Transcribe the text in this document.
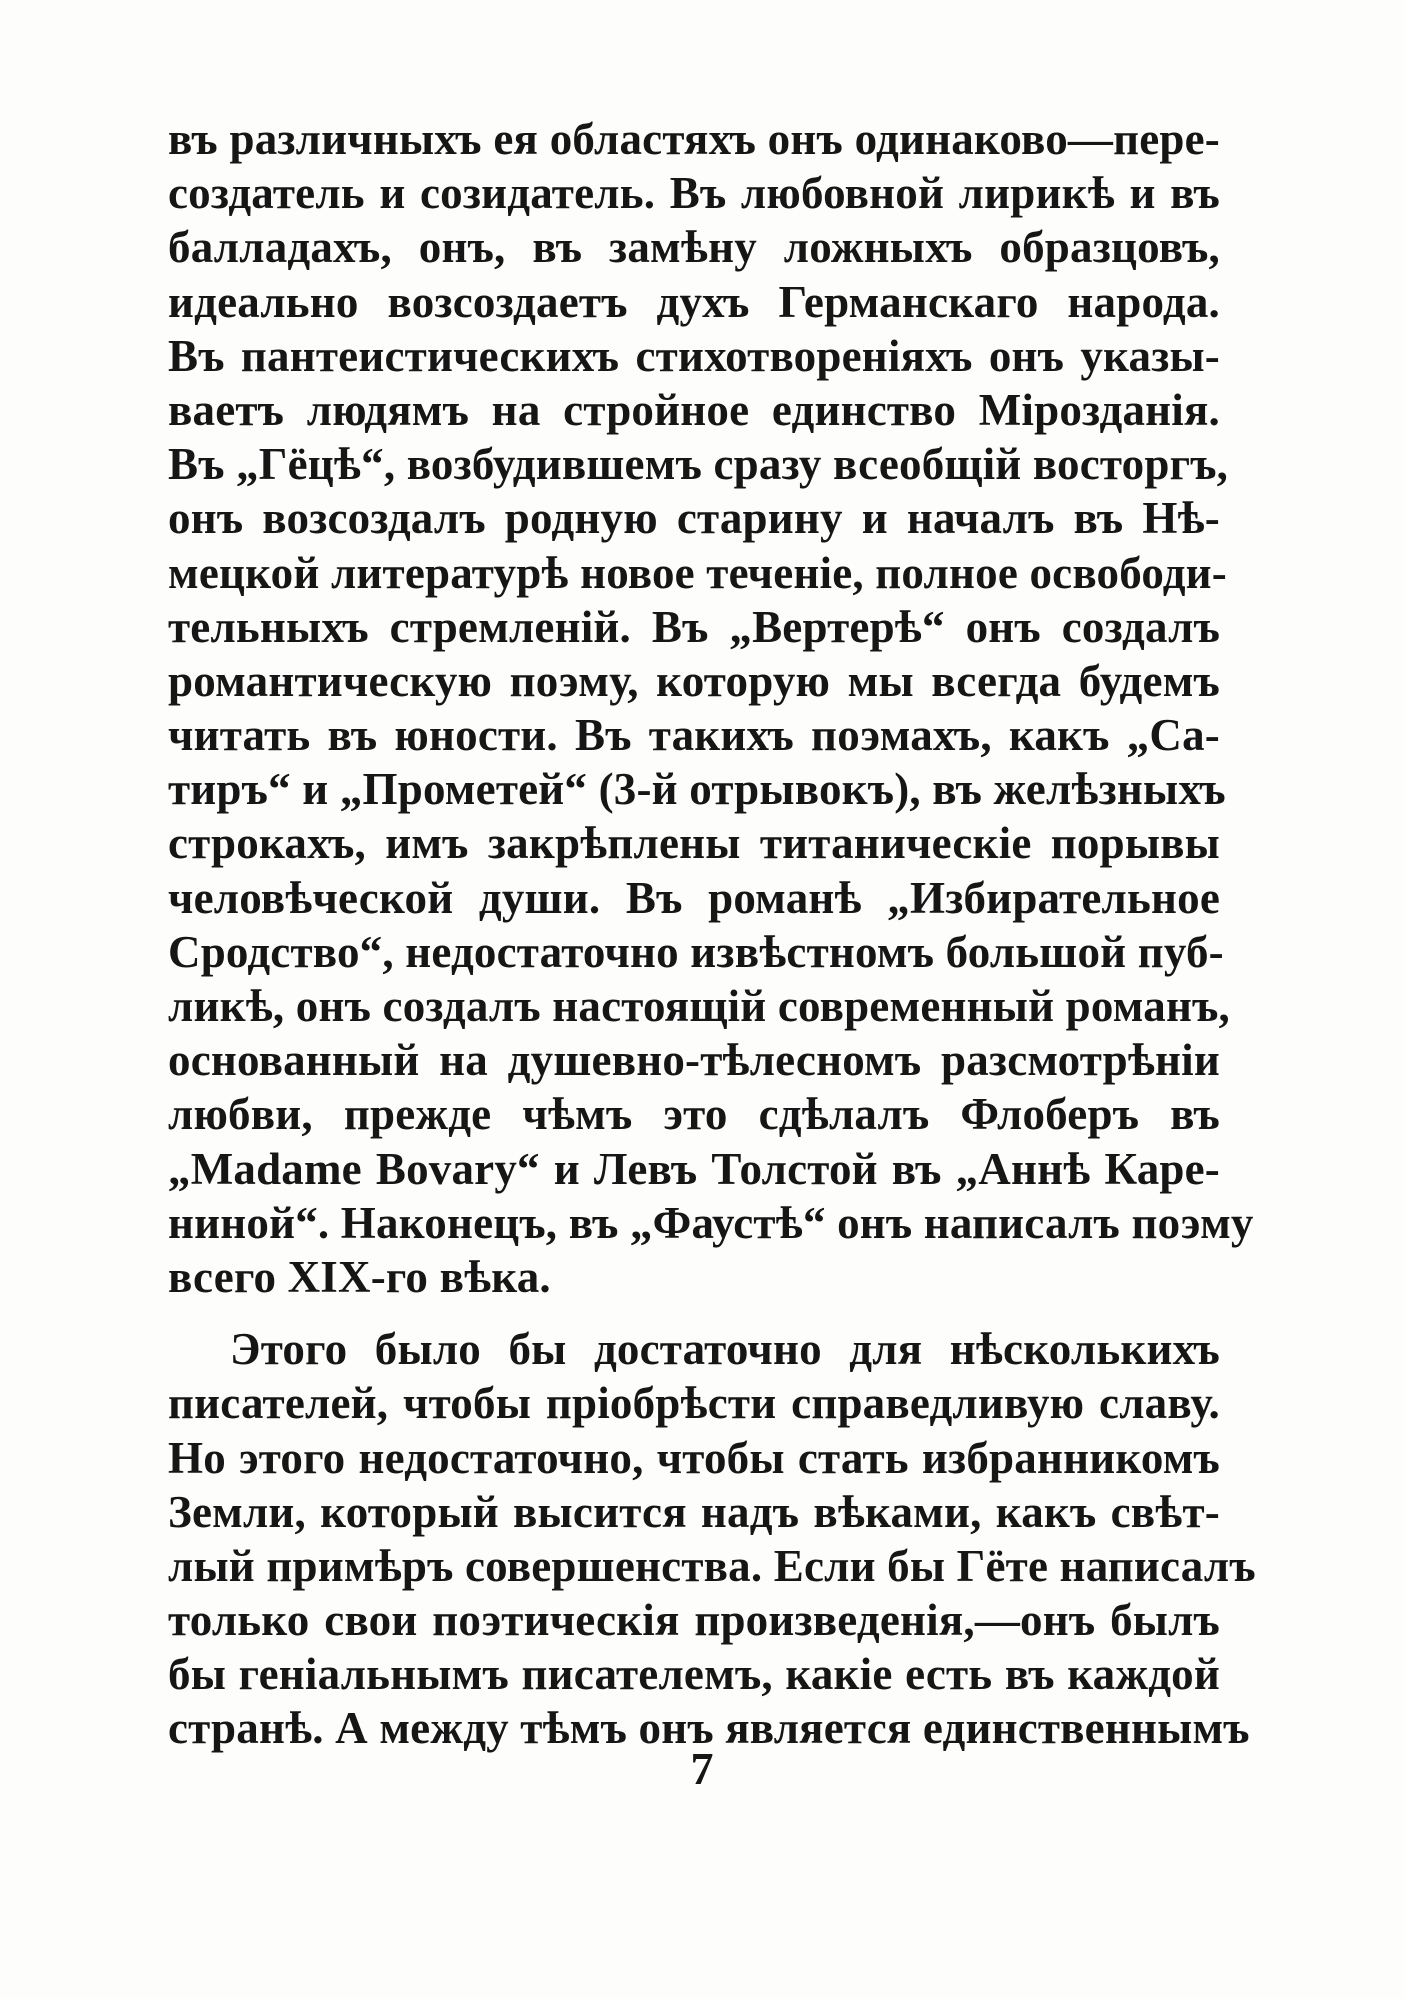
въ различныхъ ея областяхъ онъ одинаково—пере-
создатель и созидатель. Въ любовной лирикѣ и въ
балладахъ, онъ, въ замѣну ложныхъ образцовъ,
идеально возсоздаетъ духъ Германскаго народа.
Въ пантеистическихъ стихотвореніяхъ онъ указы-
ваетъ людямъ на стройное единство Мірозданія.
Въ „Гёцѣ“, возбудившемъ сразу всеобщій восторгъ,
онъ возсоздалъ родную старину и началъ въ Нѣ-
мецкой литературѣ новое теченіе, полное освободи-
тельныхъ стремленій. Въ „Вертерѣ“ онъ создалъ
романтическую поэму, которую мы всегда будемъ
читать въ юности. Въ такихъ поэмахъ, какъ „Са-
тиръ“ и „Прометей“ (3-й отрывокъ), въ желѣзныхъ
строкахъ, имъ закрѣплены титаническіе порывы
человѣческой души. Въ романѣ „Избирательное
Сродство“, недостаточно извѣстномъ большой пуб-
ликѣ, онъ создалъ настоящій современный романъ,
основанный на душевно-тѣлесномъ разсмотрѣніи
любви, прежде чѣмъ это сдѣлалъ Флоберъ въ
„Madame Bovary“ и Левъ Толстой въ „Аннѣ Каре-
ниной“. Наконецъ, въ „Фаустѣ“ онъ написалъ поэму
всего XIX-го вѣка.
Этого было бы достаточно для нѣсколькихъ
писателей, чтобы пріобрѣсти справедливую славу.
Но этого недостаточно, чтобы стать избранникомъ
Земли, который высится надъ вѣками, какъ свѣт-
лый примѣръ совершенства. Если бы Гёте написалъ
только свои поэтическія произведенія,—онъ былъ
бы геніальнымъ писателемъ, какіе есть въ каждой
странѣ. А между тѣмъ онъ является единственнымъ
7
